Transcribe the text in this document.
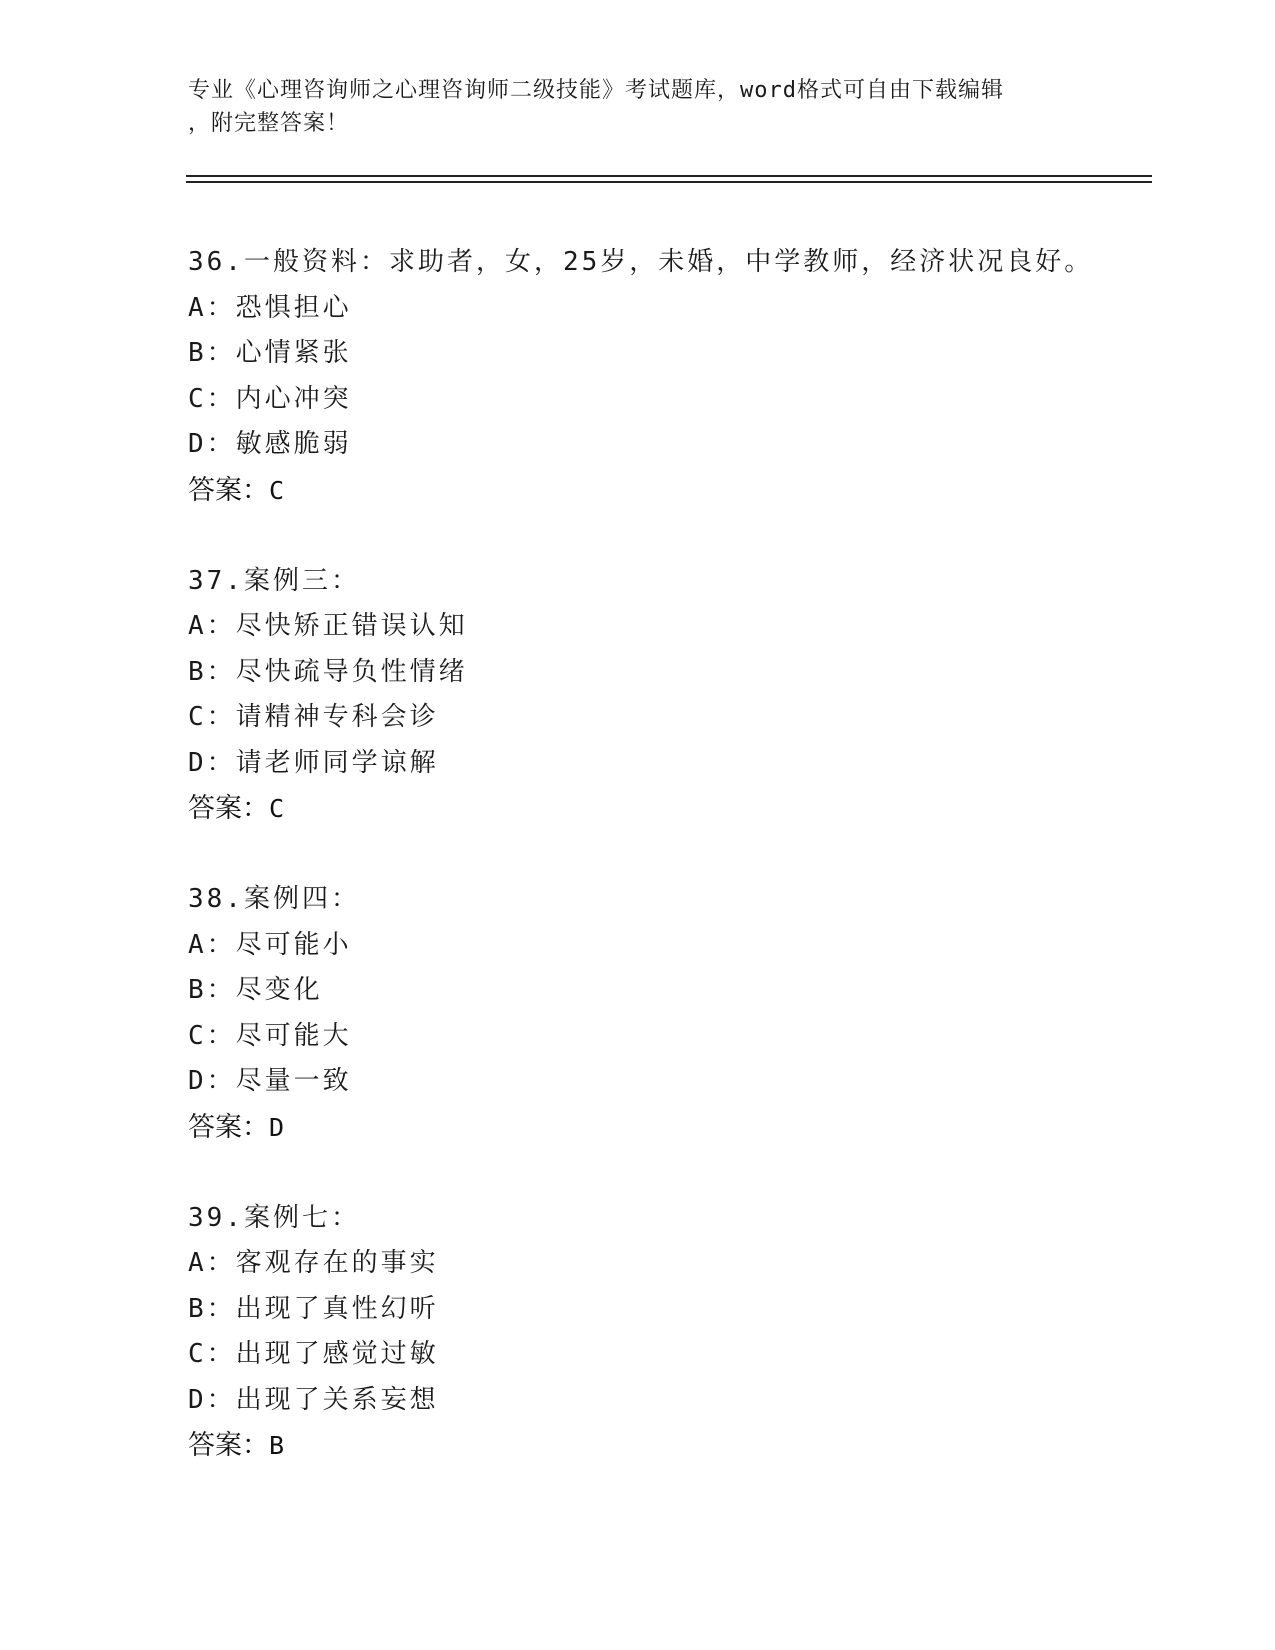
专业《心理咨询师之心理咨询师二级技能》考试题库，word格式可自由下载编辑
，附完整答案！
36.一般资料：求助者，女，25岁，未婚，中学教师，经济状况良好。
A：恐惧担心
B：心情紧张
C：内心冲突
D：敏感脆弱
答案：C
37.案例三：
A：尽快矫正错误认知
B：尽快疏导负性情绪
C：请精神专科会诊
D：请老师同学谅解
答案：C
38.案例四：
A：尽可能小
B：尽变化
C：尽可能大
D：尽量一致
答案：D
39.案例七：
A：客观存在的事实
B：出现了真性幻听
C：出现了感觉过敏
D：出现了关系妄想
答案：B
